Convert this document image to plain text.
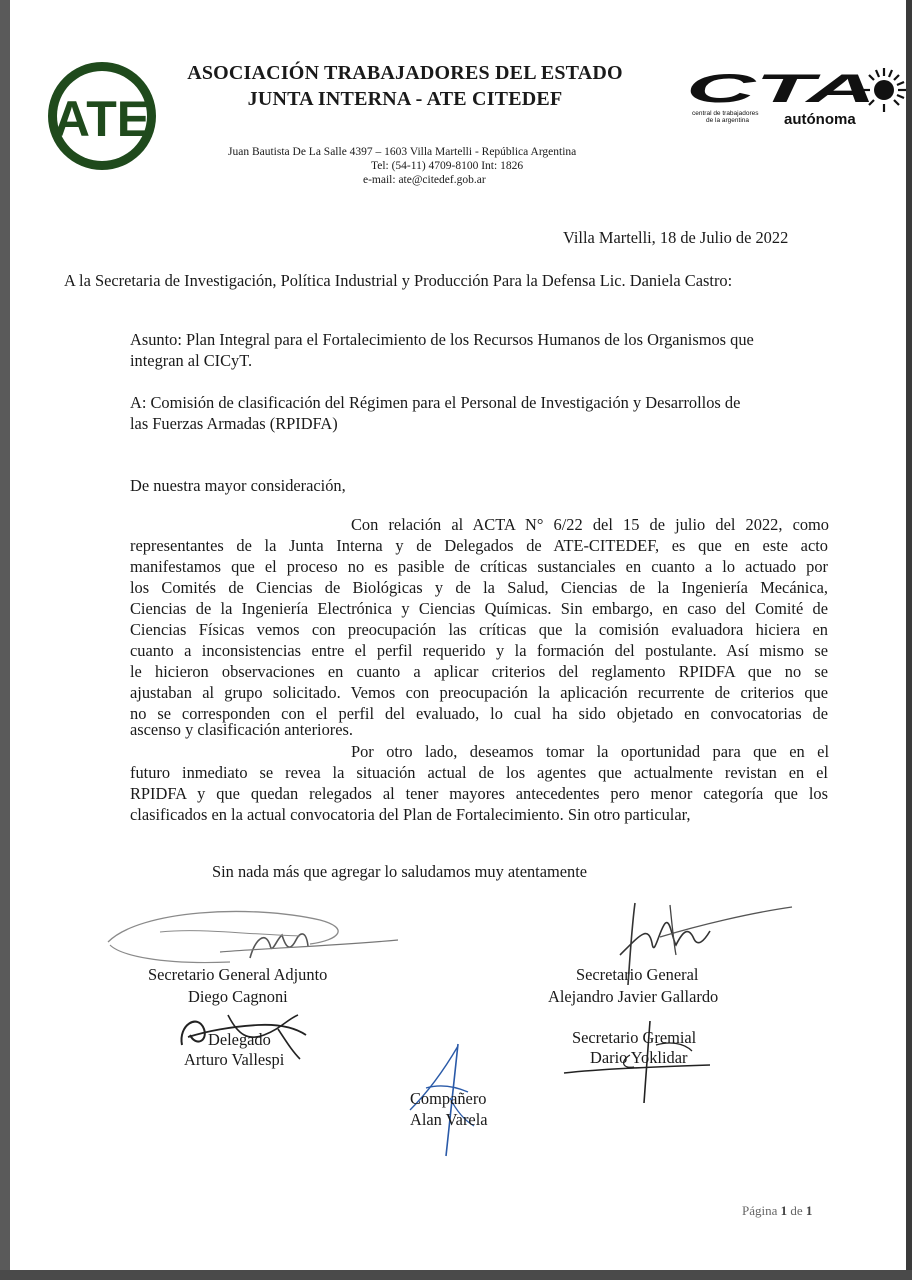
ATE
ASOCIACIÓN TRABAJADORES DEL ESTADO
JUNTA INTERNA - ATE CITEDEF	CTA
central de trabajadores
de la argentina autónoma
Juan Bautista De La Salle 4397 – 1603 Villa Martelli - República Argentina
Tel: (54-11) 4709-8100 Int: 1826
e-mail: ate@citedef.gob.ar
Villa Martelli, 18 de Julio de 2022
A la Secretaria de Investigación, Política Industrial y Producción Para la Defensa Lic. Daniela Castro:
Asunto: Plan Integral para el Fortalecimiento de los Recursos Humanos de los Organismos que
integran al CICyT.
A: Comisión de clasificación del Régimen para el Personal de Investigación y Desarrollos de
las Fuerzas Armadas (RPIDFA)
De nuestra mayor consideración,
Con relación al ACTA N° 6/22 del 15 de julio del 2022, como
representantes de la Junta Interna y de Delegados de ATE-CITEDEF, es que en este acto
manifestamos que el proceso no es pasible de críticas sustanciales en cuanto a lo actuado por
los Comités de Ciencias de Biológicas y de la Salud, Ciencias de la Ingeniería Mecánica,
Ciencias de la Ingeniería Electrónica y Ciencias Químicas. Sin embargo, en caso del Comité de
Ciencias Físicas vemos con preocupación las críticas que la comisión evaluadora hiciera en
cuanto a inconsistencias entre el perfil requerido y la formación del postulante. Así mismo se
le hicieron observaciones en cuanto a aplicar criterios del reglamento RPIDFA que no se
ajustaban al grupo solicitado. Vemos con preocupación la aplicación recurrente de criterios que
no se corresponden con el perfil del evaluado, lo cual ha sido objetado en convocatorias de
ascenso y clasificación anteriores.
Por otro lado, deseamos tomar la oportunidad para que en el
futuro inmediato se revea la situación actual de los agentes que actualmente revistan en el
RPIDFA y que quedan relegados al tener mayores antecedentes pero menor categoría que los
clasificados en la actual convocatoria del Plan de Fortalecimiento. Sin otro particular,
Sin nada más que agregar lo saludamos muy atentamente
Secretario General Adjunto
Diego Cagnoni
Secretario General
Alejandro Javier Gallardo
Delegado
Arturo Vallespi
Secretario Gremial
Dario Yoklidar
Compañero
Alan Varela
Página 1 de 1
